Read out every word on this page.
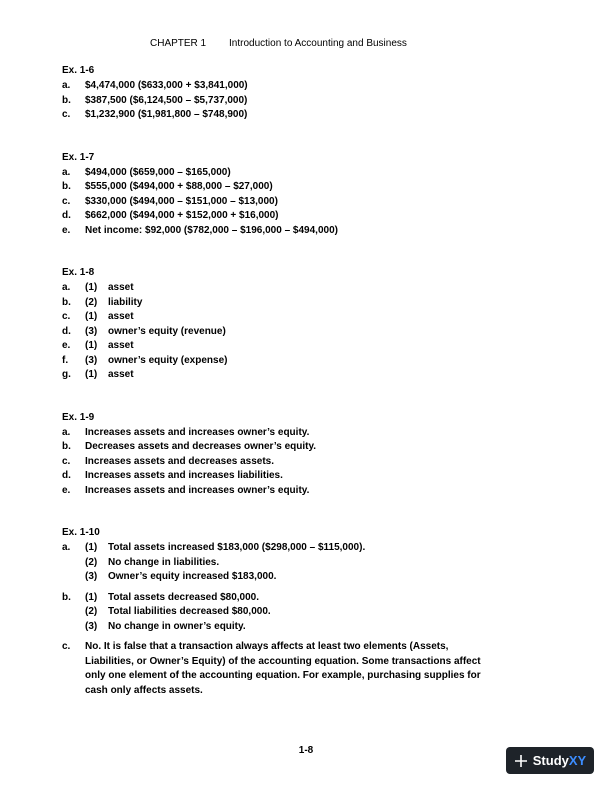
CHAPTER 1 Introduction to Accounting and Business
Ex. 1-6
a.	$4,474,000 ($633,000 + $3,841,000)
b.	$387,500 ($6,124,500 – $5,737,000)
c.	$1,232,900 ($1,981,800 – $748,900)
Ex. 1-7
a.	$494,000 ($659,000 – $165,000)
b.	$555,000 ($494,000 + $88,000 – $27,000)
c.	$330,000 ($494,000 – $151,000 – $13,000)
d.	$662,000 ($494,000 + $152,000 + $16,000)
e.	Net income: $92,000 ($782,000 – $196,000 – $494,000)
Ex. 1-8
a.	(1)	asset
b.	(2)	liability
c.	(1)	asset
d.	(3)	owner’s equity (revenue)
e.	(1)	asset
f.	(3)	owner’s equity (expense)
g.	(1)	asset
Ex. 1-9
a.	Increases assets and increases owner’s equity.
b.	Decreases assets and decreases owner’s equity.
c.	Increases assets and decreases assets.
d.	Increases assets and increases liabilities.
e.	Increases assets and increases owner’s equity.
Ex. 1-10
a.	(1)	Total assets increased $183,000 ($298,000 – $115,000).
(2)	No change in liabilities.
(3)	Owner’s equity increased $183,000.
b.	(1)	Total assets decreased $80,000.
(2)	Total liabilities decreased $80,000.
(3)	No change in owner’s equity.
c.	No. It is false that a transaction always affects at least two elements (Assets, Liabilities, or Owner’s Equity) of the accounting equation. Some transactions affect only one element of the accounting equation. For example, purchasing supplies for cash only affects assets.
1-8
StudyXY
